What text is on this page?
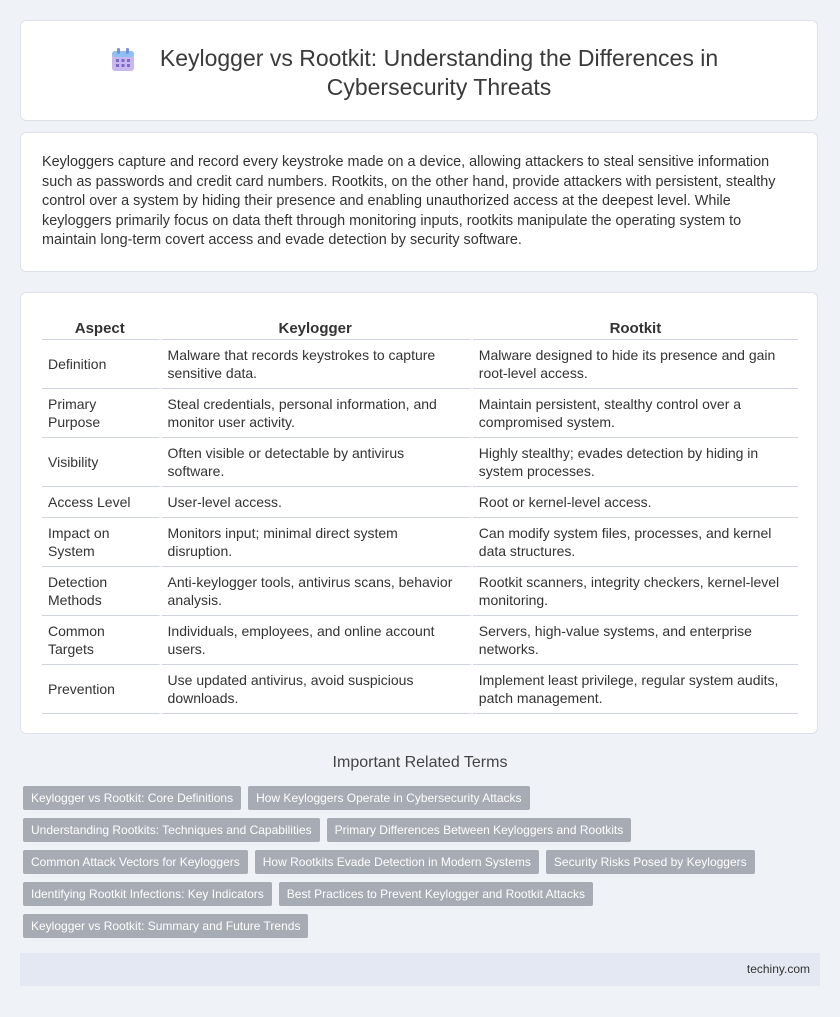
Keylogger vs Rootkit: Understanding the Differences in Cybersecurity Threats

Keyloggers capture and record every keystroke made on a device, allowing attackers to steal sensitive information such as passwords and credit card numbers. Rootkits, on the other hand, provide attackers with persistent, stealthy control over a system by hiding their presence and enabling unauthorized access at the deepest level. While keyloggers primarily focus on data theft through monitoring inputs, rootkits manipulate the operating system to maintain long-term covert access and evade detection by security software.

Aspect	Keylogger	Rootkit
Definition	Malware that records keystrokes to capture sensitive data.	Malware designed to hide its presence and gain root-level access.
Primary Purpose	Steal credentials, personal information, and monitor user activity.	Maintain persistent, stealthy control over a compromised system.
Visibility	Often visible or detectable by antivirus software.	Highly stealthy; evades detection by hiding in system processes.
Access Level	User-level access.	Root or kernel-level access.
Impact on System	Monitors input; minimal direct system disruption.	Can modify system files, processes, and kernel data structures.
Detection Methods	Anti-keylogger tools, antivirus scans, behavior analysis.	Rootkit scanners, integrity checkers, kernel-level monitoring.
Common Targets	Individuals, employees, and online account users.	Servers, high-value systems, and enterprise networks.
Prevention	Use updated antivirus, avoid suspicious downloads.	Implement least privilege, regular system audits, patch management.
Important Related Terms
Keylogger vs Rootkit: Core Definitions	How Keyloggers Operate in Cybersecurity Attacks
Understanding Rootkits: Techniques and Capabilities	Primary Differences Between Keyloggers and Rootkits
Common Attack Vectors for Keyloggers	How Rootkits Evade Detection in Modern Systems	Security Risks Posed by Keyloggers
Identifying Rootkit Infections: Key Indicators	Best Practices to Prevent Keylogger and Rootkit Attacks
Keylogger vs Rootkit: Summary and Future Trends
techiny.com
